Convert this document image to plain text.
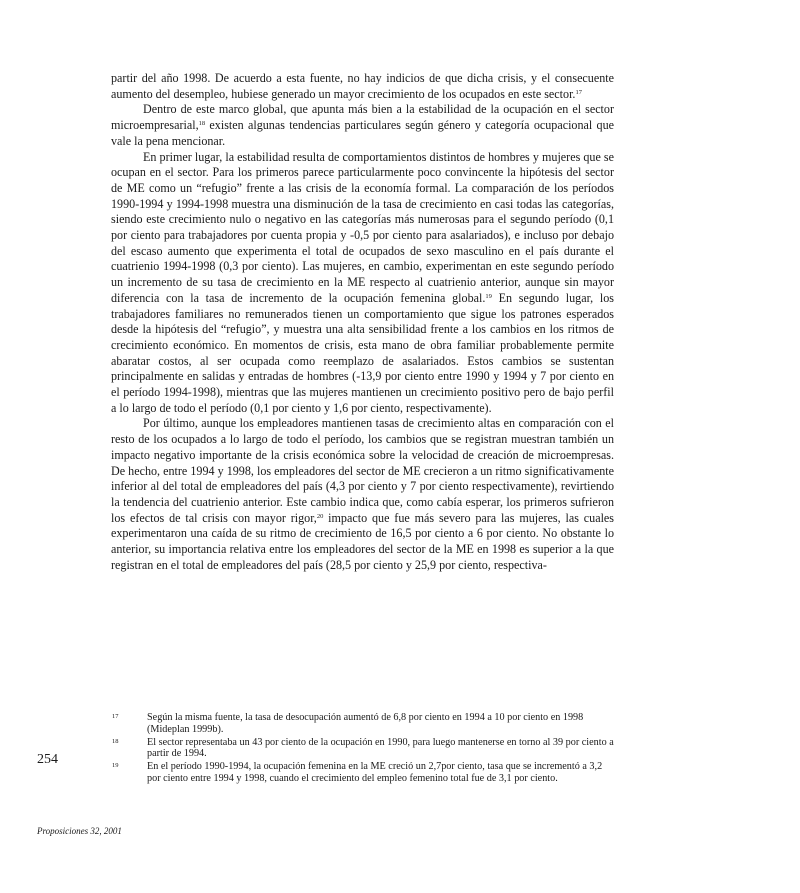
partir del año 1998. De acuerdo a esta fuente, no hay indicios de que dicha crisis, y el consecuente aumento del desempleo, hubiese generado un mayor crecimiento de los ocupados en este sector.$^{17}$

Dentro de este marco global, que apunta más bien a la estabilidad de la ocupación en el sector microempresarial,$^{18}$ existen algunas tendencias particulares según género y categoría ocupacional que vale la pena mencionar.

En primer lugar, la estabilidad resulta de comportamientos distintos de hombres y mujeres que se ocupan en el sector. Para los primeros parece particularmente poco convincente la hipótesis del sector de ME como un “refugio” frente a las crisis de la economía formal. La comparación de los períodos 1990-1994 y 1994-1998 muestra una disminución de la tasa de crecimiento en casi todas las categorías, siendo este crecimiento nulo o negativo en las categorías más numerosas para el segundo período (0,1 por ciento para trabajadores por cuenta propia y -0,5 por ciento para asalariados), e incluso por debajo del escaso aumento que experimenta el total de ocupados de sexo masculino en el país durante el cuatrienio 1994-1998 (0,3 por ciento). Las mujeres, en cambio, experimentan en este segundo período un incremento de su tasa de crecimiento en la ME respecto al cuatrienio anterior, aunque sin mayor diferencia con la tasa de incremento de la ocupación femenina global.$^{19}$ En segundo lugar, los trabajadores familiares no remunerados tienen un comportamiento que sigue los patrones esperados desde la hipótesis del “refugio”, y muestra una alta sensibilidad frente a los cambios en los ritmos de crecimiento económico. En momentos de crisis, esta mano de obra familiar probablemente permite abaratar costos, al ser ocupada como reemplazo de asalariados. Estos cambios se sustentan principalmente en salidas y entradas de hombres (-13,9 por ciento entre 1990 y 1994 y 7 por ciento en el período 1994-1998), mientras que las mujeres mantienen un crecimiento positivo pero de bajo perfil a lo largo de todo el período (0,1 por ciento y 1,6 por ciento, respectivamente).

Por último, aunque los empleadores mantienen tasas de crecimiento altas en comparación con el resto de los ocupados a lo largo de todo el período, los cambios que se registran muestran también un impacto negativo importante de la crisis económica sobre la velocidad de creación de microempresas. De hecho, entre 1994 y 1998, los empleadores del sector de ME crecieron a un ritmo significativamente inferior al del total de empleadores del país (4,3 por ciento y 7 por ciento respectivamente), revirtiendo la tendencia del cuatrienio anterior. Este cambio indica que, como cabía esperar, los primeros sufrieron los efectos de tal crisis con mayor rigor,$^{20}$ impacto que fue más severo para las mujeres, las cuales experimentaron una caída de su ritmo de crecimiento de 16,5 por ciento a 6 por ciento. No obstante lo anterior, su importancia relativa entre los empleadores del sector de la ME en 1998 es superior a la que registran en el total de empleadores del país (28,5 por ciento y 25,9 por ciento, respectiva-

17	Según la misma fuente, la tasa de desocupación aumentó de 6,8 por ciento en 1994 a 10 por ciento en 1998 (Mideplan 1999b).
18	El sector representaba un 43 por ciento de la ocupación en 1990, para luego mantenerse en torno al 39 por ciento a partir de 1994.
19	En el período 1990-1994, la ocupación femenina en la ME creció un 2,7por ciento, tasa que se incrementó a 3,2 por ciento entre 1994 y 1998, cuando el crecimiento del empleo femenino total fue de 3,1 por ciento.
254
Proposiciones 32, 2001
